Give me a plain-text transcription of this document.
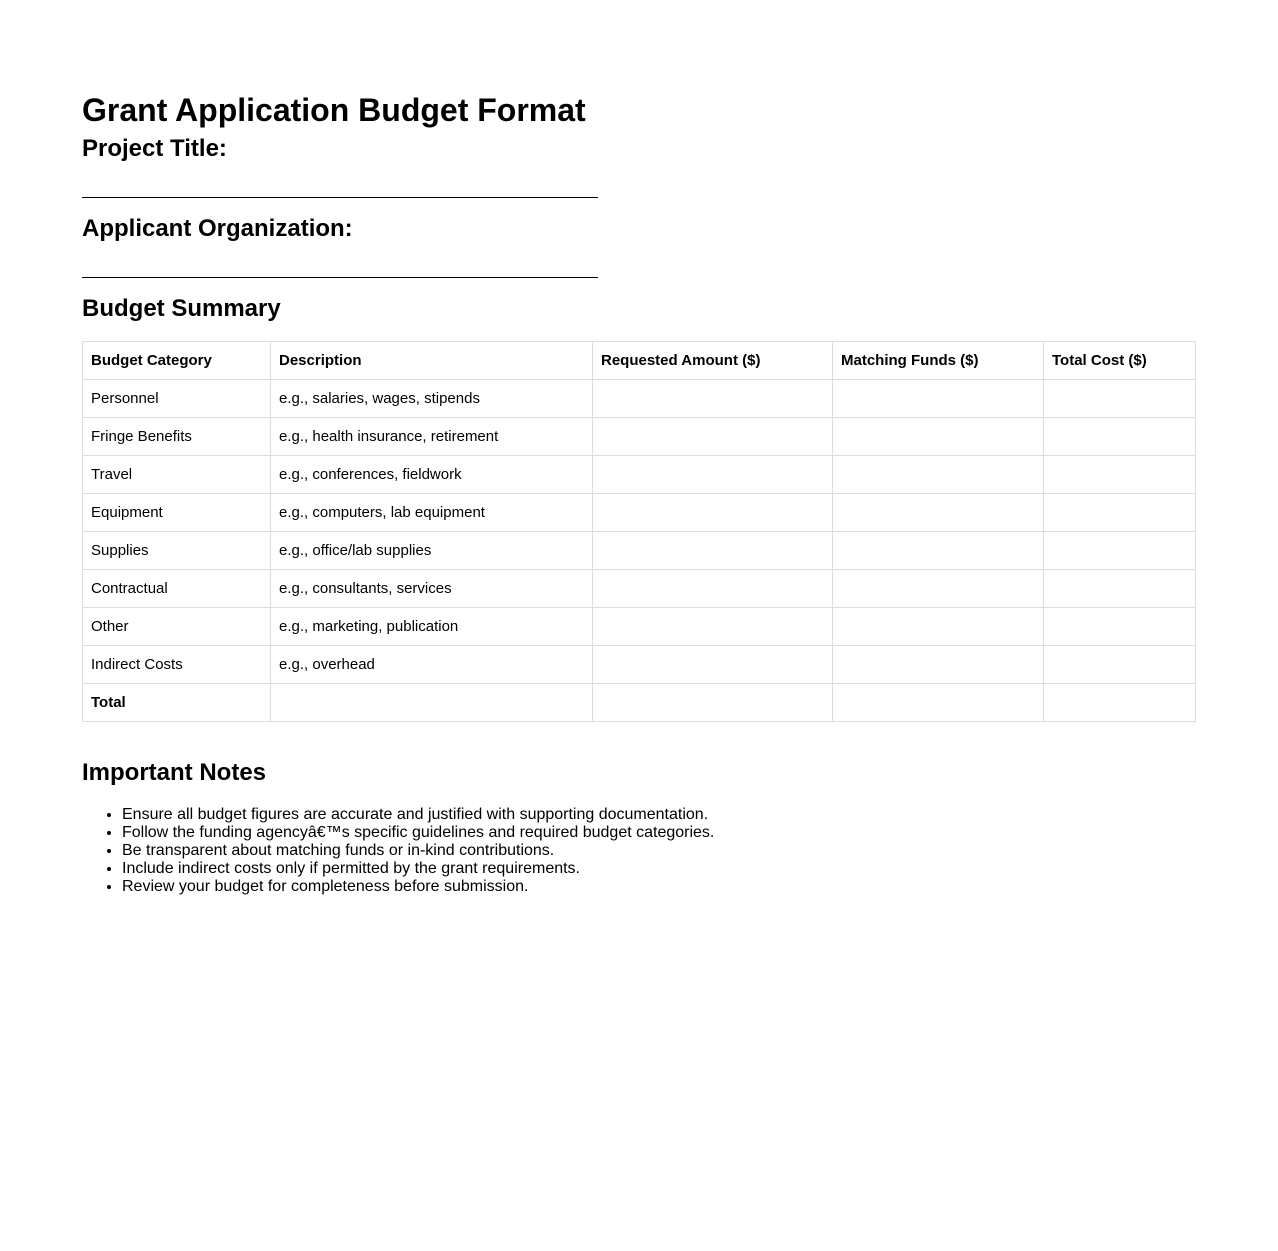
Grant Application Budget Format
Project Title:
Applicant Organization:
Budget Summary
Budget Category	Description	Requested Amount ($)	Matching Funds ($)	Total Cost ($)
Personnel	e.g., salaries, wages, stipends			
Fringe Benefits	e.g., health insurance, retirement			
Travel	e.g., conferences, fieldwork			
Equipment	e.g., computers, lab equipment			
Supplies	e.g., office/lab supplies			
Contractual	e.g., consultants, services			
Other	e.g., marketing, publication			
Indirect Costs	e.g., overhead			
Total				
Important Notes
• Ensure all budget figures are accurate and justified with supporting documentation.
• Follow the funding agencyâ€™s specific guidelines and required budget categories.
• Be transparent about matching funds or in-kind contributions.
• Include indirect costs only if permitted by the grant requirements.
• Review your budget for completeness before submission.
